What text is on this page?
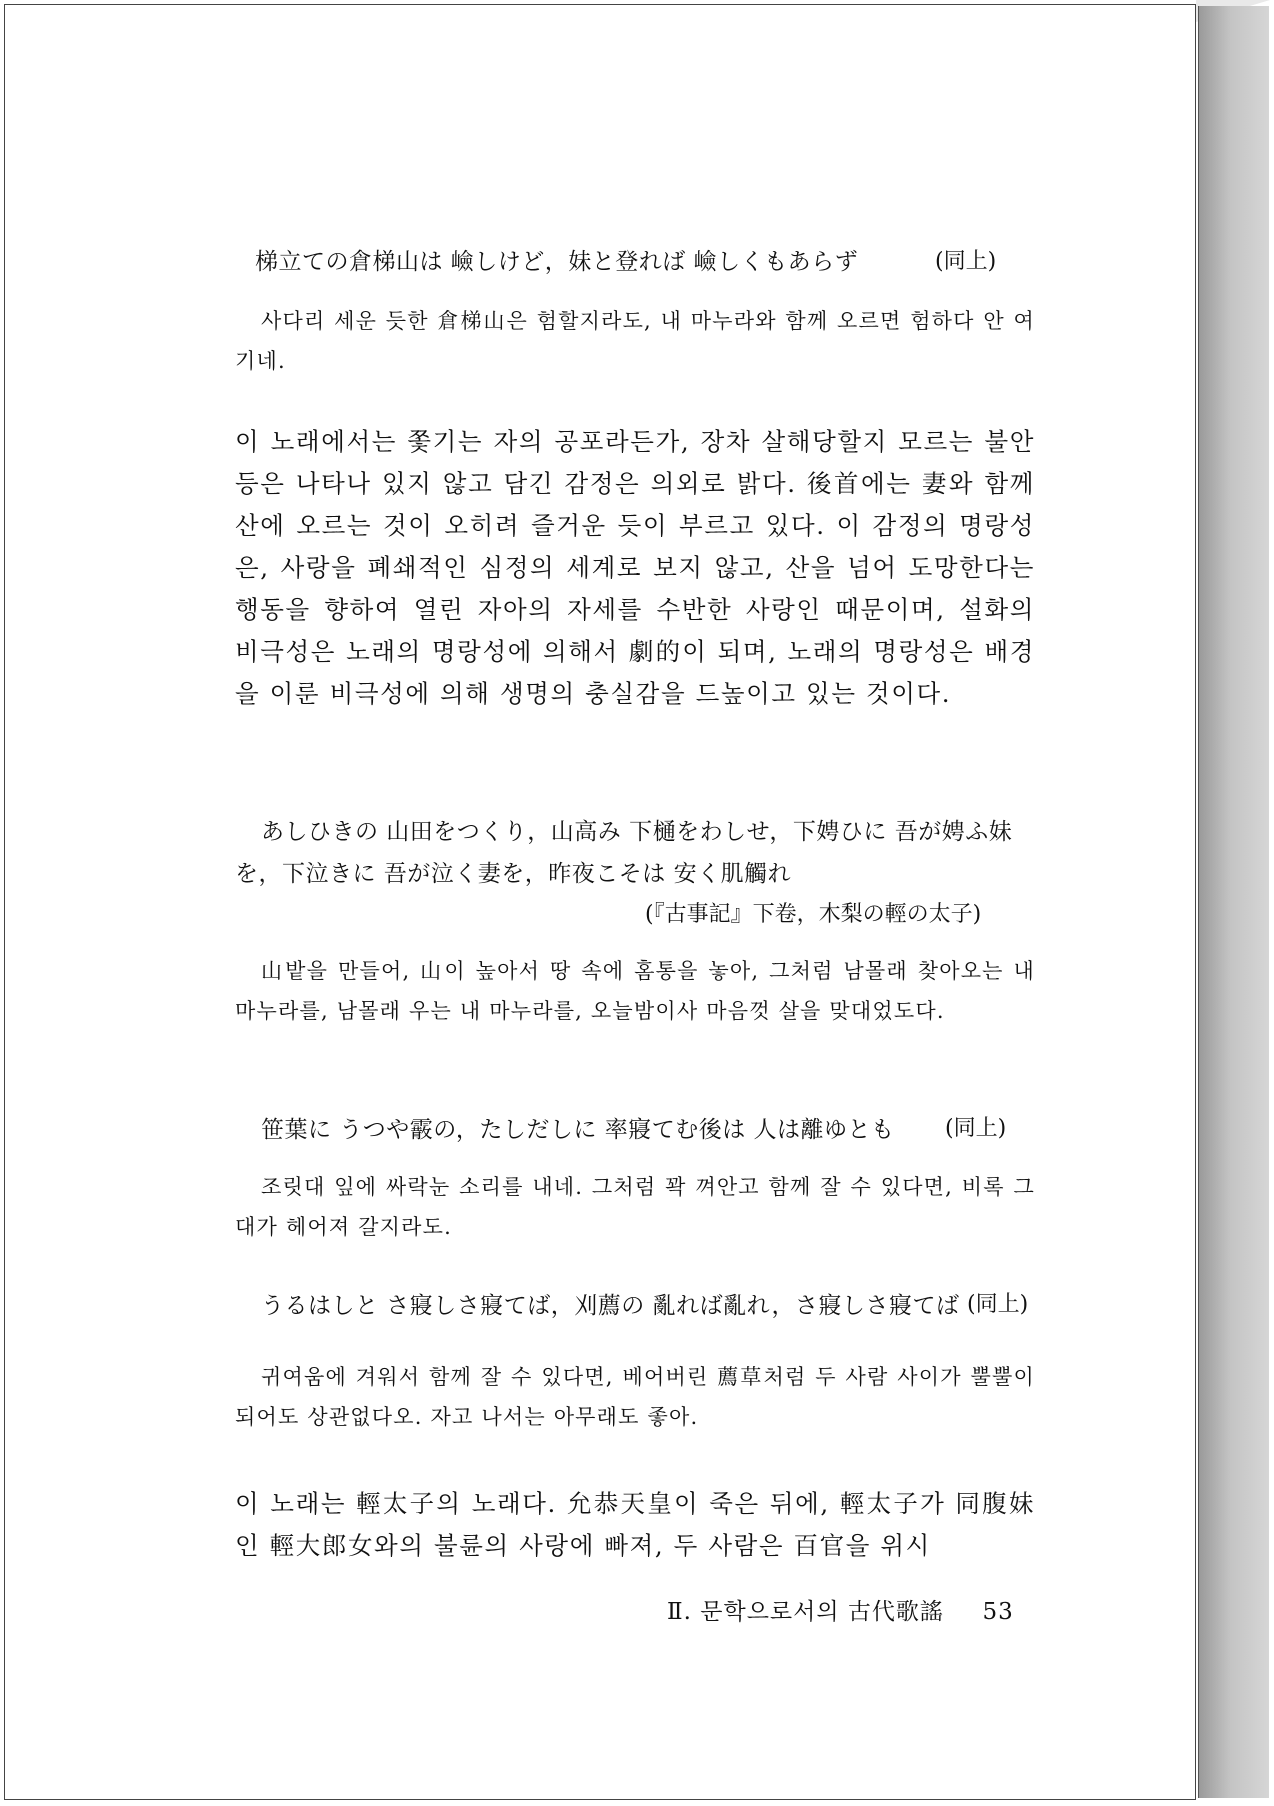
梯立ての倉梯山は 嶮しけど，妹と登れば 嶮しくもあらず	(同上)

사다리 세운 듯한 倉梯山은 험할지라도, 내 마누라와 함께 오르면 험하다 안 여기네.

이 노래에서는 쫓기는 자의 공포라든가, 장차 살해당할지 모르는 불안 등은 나타나 있지 않고 담긴 감정은 의외로 밝다. 後首에는 妻와 함께 산에 오르는 것이 오히려 즐거운 듯이 부르고 있다. 이 감정의 명랑성은, 사랑을 폐쇄적인 심정의 세계로 보지 않고, 산을 넘어 도망한다는 행동을 향하여 열린 자아의 자세를 수반한 사랑인 때문이며, 설화의 비극성은 노래의 명랑성에 의해서 劇的이 되며, 노래의 명랑성은 배경을 이룬 비극성에 의해 생명의 충실감을 드높이고 있는 것이다.

あしひきの 山田をつくり，山高み 下樋をわしせ，下娉ひに 吾が娉ふ妹
を，下泣きに 吾が泣く妻を，昨夜こそは 安く肌觸れ
(『古事記』下卷，木梨の輕の太子)

山밭을 만들어, 山이 높아서 땅 속에 홈통을 놓아, 그처럼 남몰래 찾아오는 내 마누라를, 남몰래 우는 내 마누라를, 오늘밤이사 마음껏 살을 맞대었도다.

笹葉に うつや霰の，たしだしに 率寢てむ後は 人は離ゆとも (同上)

조릿대 잎에 싸락눈 소리를 내네. 그처럼 꽉 껴안고 함께 잘 수 있다면, 비록 그대가 헤어져 갈지라도.

うるはしと さ寢しさ寢てば，刈薦の 亂れば亂れ，さ寢しさ寢てば (同上)

귀여움에 겨워서 함께 잘 수 있다면, 베어버린 薦草처럼 두 사람 사이가 뿔뿔이 되어도 상관없다오. 자고 나서는 아무래도 좋아.

이 노래는 輕太子의 노래다. 允恭天皇이 죽은 뒤에, 輕太子가 同腹妹인 輕大郎女와의 불륜의 사랑에 빠져, 두 사람은 百官을 위시

Ⅱ. 문학으로서의 古代歌謠 53
